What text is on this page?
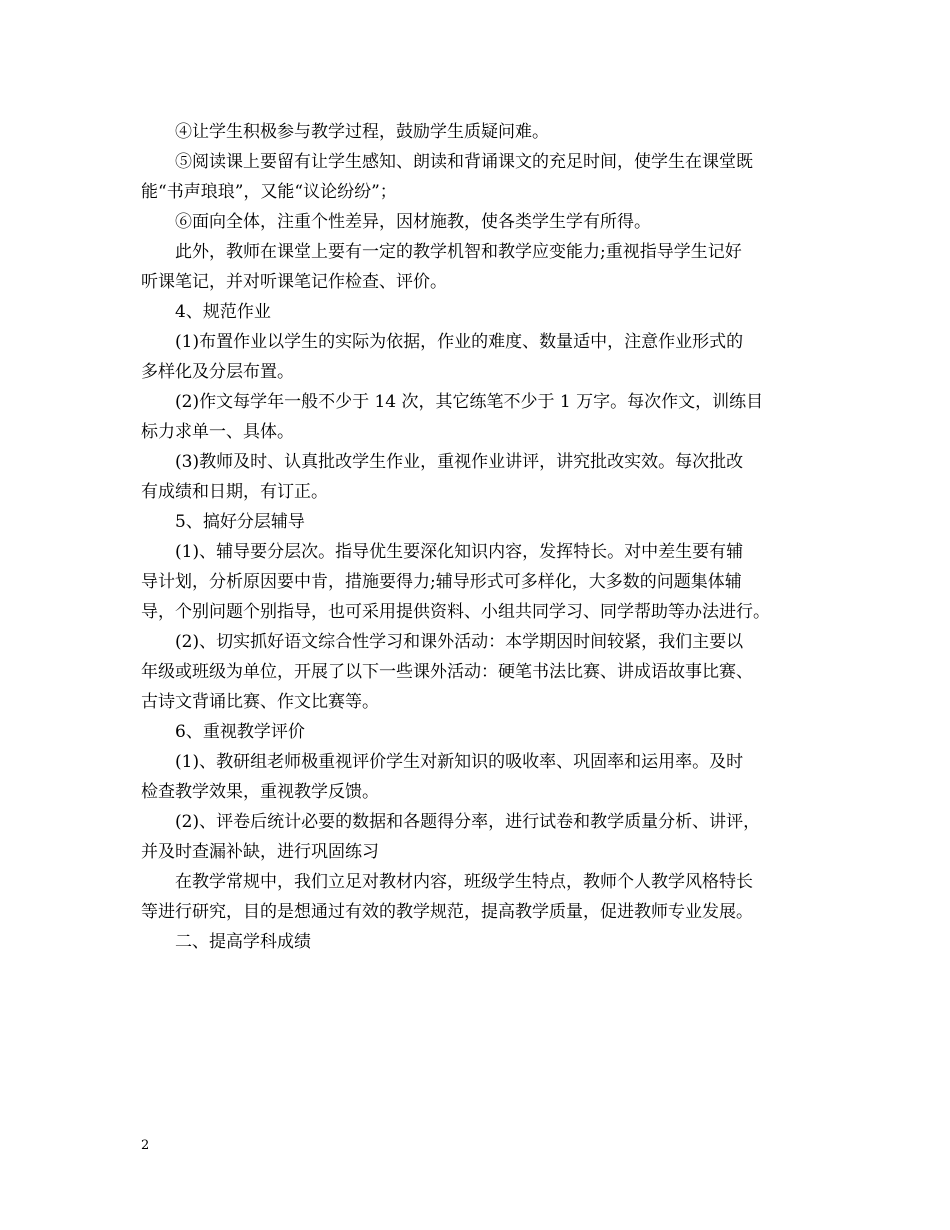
④让学生积极参与教学过程，鼓励学生质疑问难。

⑤阅读课上要留有让学生感知、朗读和背诵课文的充足时间，使学生在课堂既
能“书声琅琅”，又能“议论纷纷”；

⑥面向全体，注重个性差异，因材施教，使各类学生学有所得。

此外，教师在课堂上要有一定的教学机智和教学应变能力;重视指导学生记好
听课笔记，并对听课笔记作检查、评价。

4、规范作业

(1)布置作业以学生的实际为依据，作业的难度、数量适中，注意作业形式的
多样化及分层布置。

(2)作文每学年一般不少于 14 次，其它练笔不少于 1 万字。每次作文，训练目
标力求单一、具体。

(3)教师及时、认真批改学生作业，重视作业讲评，讲究批改实效。每次批改
有成绩和日期，有订正。

5、搞好分层辅导

(1)、辅导要分层次。指导优生要深化知识内容，发挥特长。对中差生要有辅
导计划，分析原因要中肯，措施要得力;辅导形式可多样化，大多数的问题集体辅
导，个别问题个别指导，也可采用提供资料、小组共同学习、同学帮助等办法进行。

(2)、切实抓好语文综合性学习和课外活动：本学期因时间较紧，我们主要以
年级或班级为单位，开展了以下一些课外活动：硬笔书法比赛、讲成语故事比赛、
古诗文背诵比赛、作文比赛等。

6、重视教学评价

(1)、教研组老师极重视评价学生对新知识的吸收率、巩固率和运用率。及时
检查教学效果，重视教学反馈。

(2)、评卷后统计必要的数据和各题得分率，进行试卷和教学质量分析、讲评，
并及时查漏补缺，进行巩固练习

在教学常规中，我们立足对教材内容，班级学生特点，教师个人教学风格特长
等进行研究，目的是想通过有效的教学规范，提高教学质量，促进教师专业发展。

二、提高学科成绩

2
